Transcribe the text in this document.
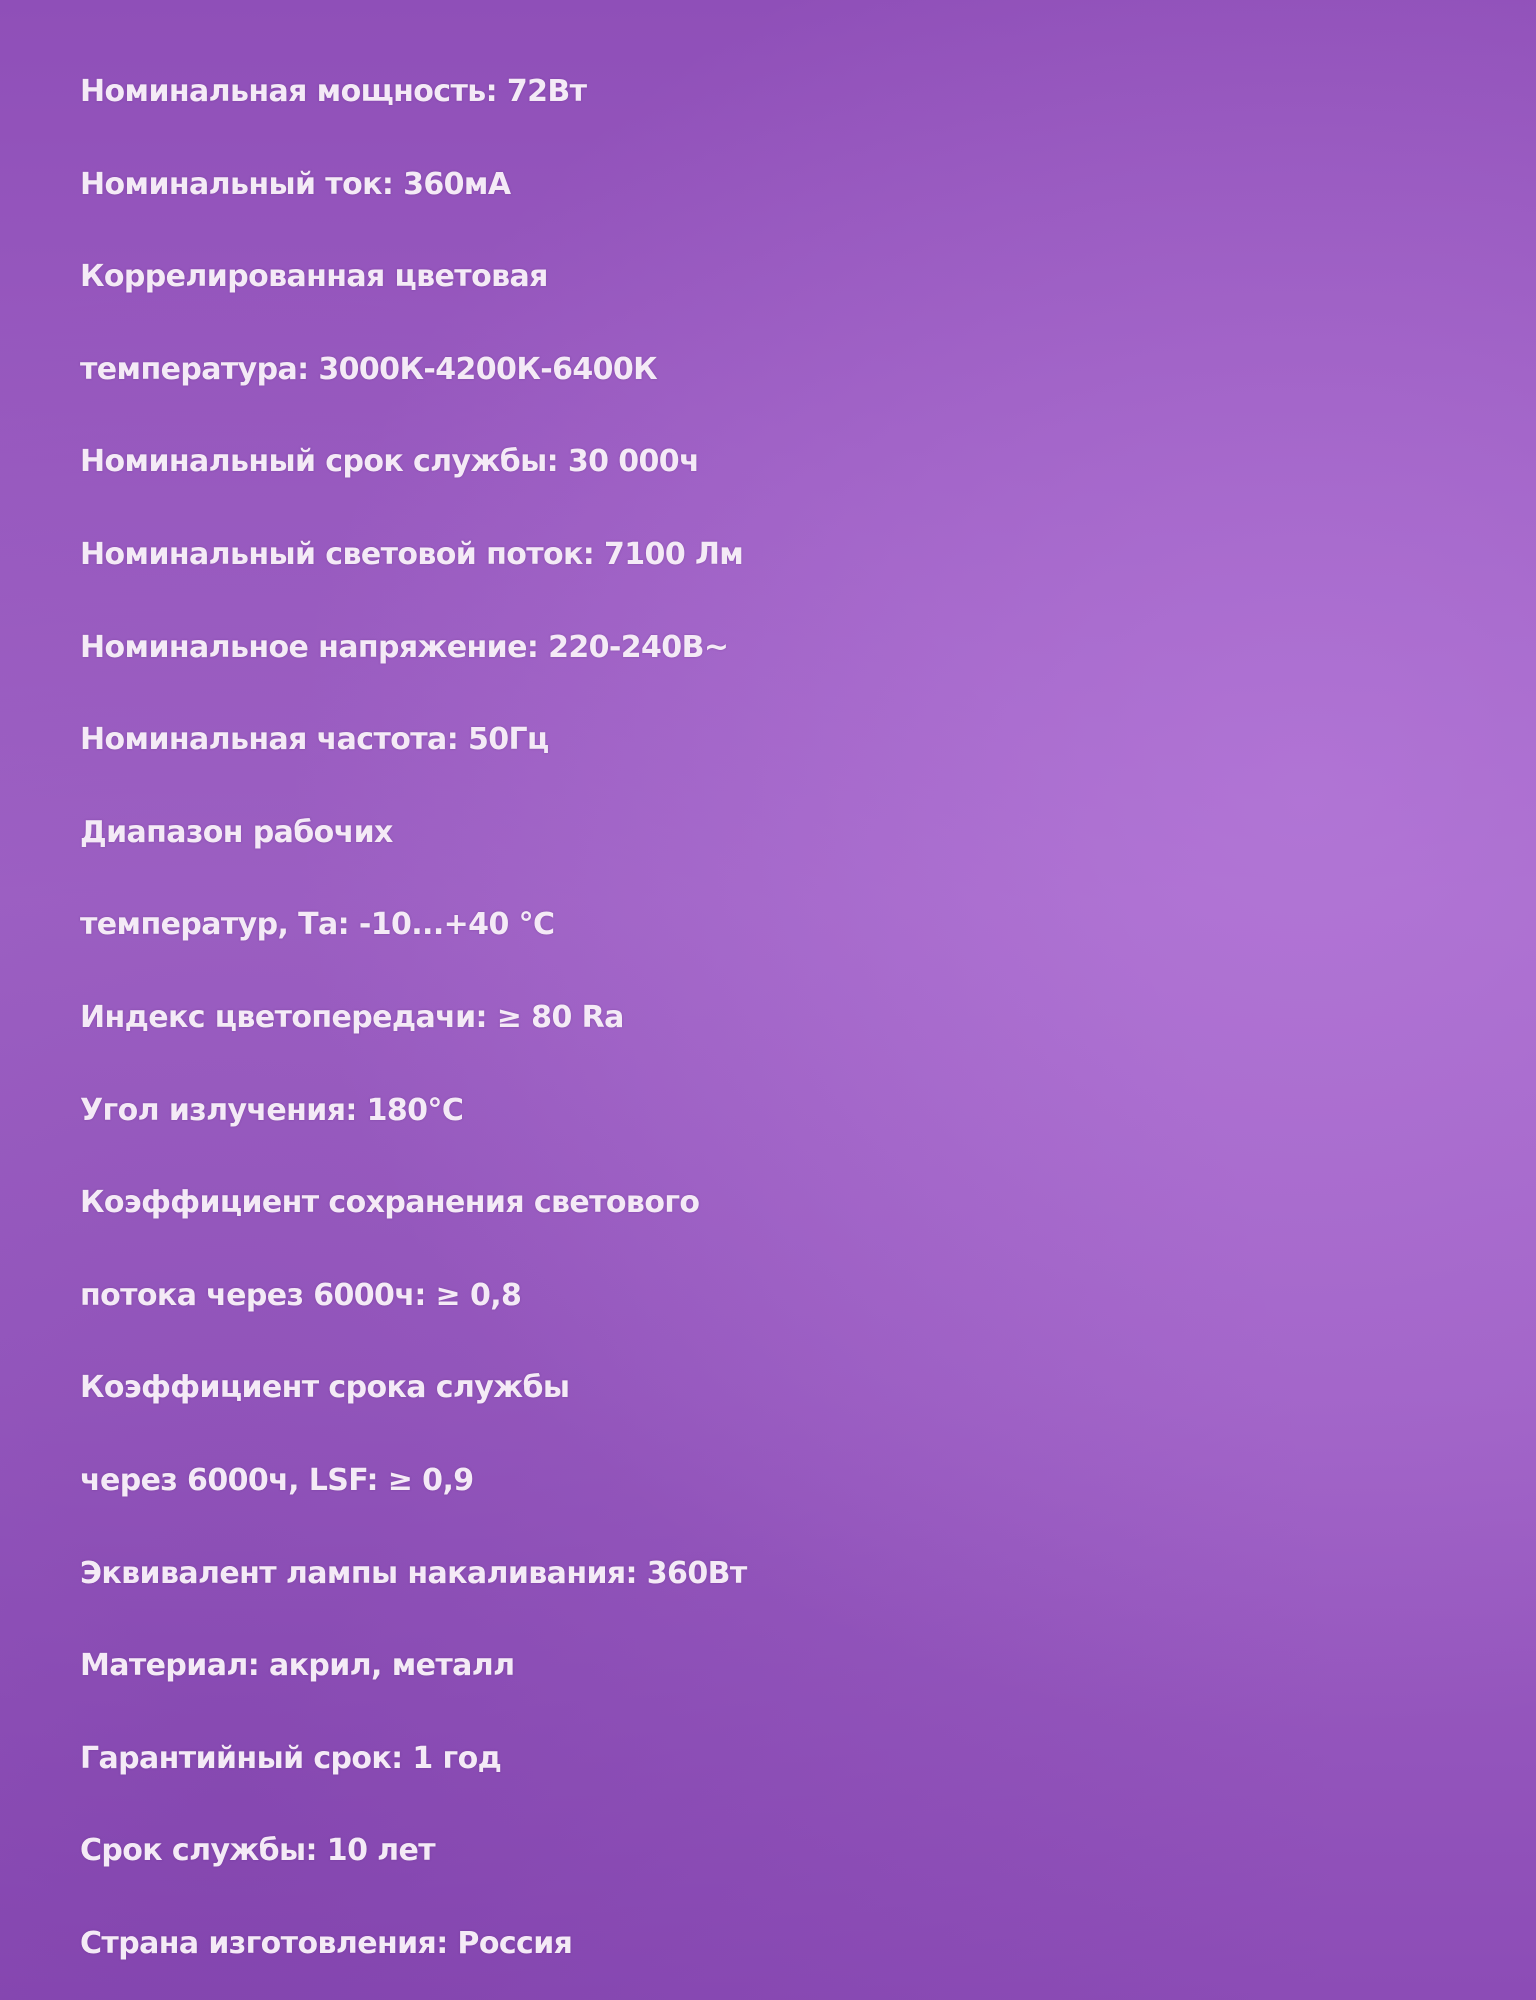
Номинальная мощность: 72Вт
Номинальный ток: 360мА
Коррелированная цветовая
температура: 3000К-4200К-6400К
Номинальный срок службы: 30 000ч
Номинальный световой поток: 7100 Лм
Номинальное напряжение: 220-240В~
Номинальная частота: 50Гц
Диапазон рабочих
температур, Та: -10...+40 °С
Индекс цветопередачи: ≥ 80 Ra
Угол излучения: 180°С
Коэффициент сохранения светового
потока через 6000ч: ≥ 0,8
Коэффициент срока службы
через 6000ч, LSF: ≥ 0,9
Эквивалент лампы накаливания: 360Вт
Материал: акрил, металл
Гарантийный срок: 1 год
Срок службы: 10 лет
Страна изготовления: Россия
